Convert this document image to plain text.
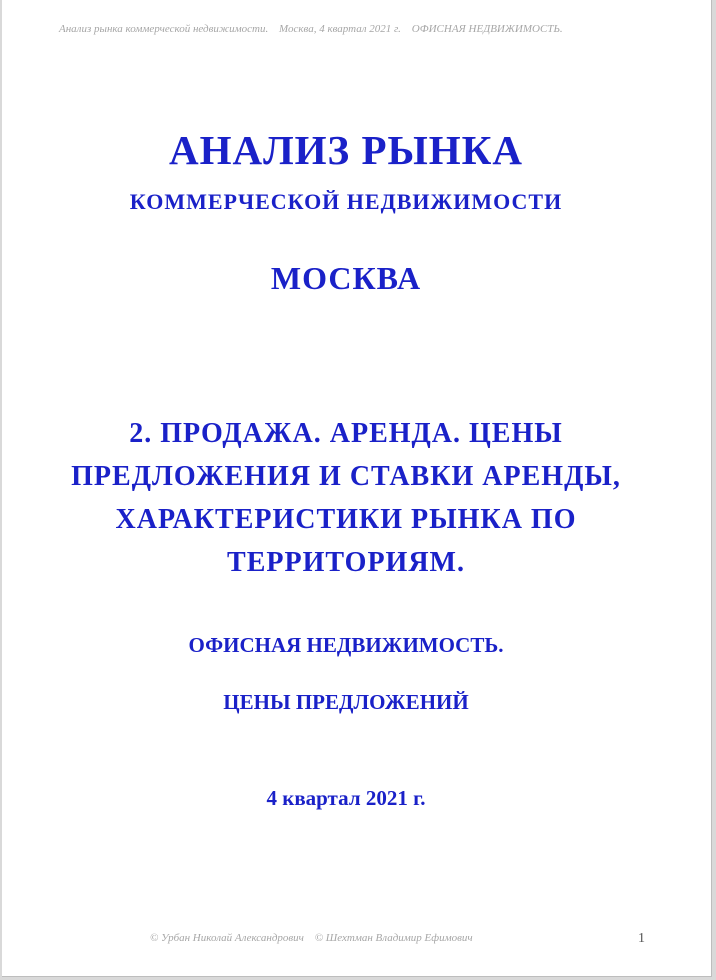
Анализ рынка коммерческой недвижимости. Москва, 4 квартал 2021 г. ОФИСНАЯ НЕДВИЖИМОСТЬ.
АНАЛИЗ РЫНКА
КОММЕРЧЕСКОЙ НЕДВИЖИМОСТИ
МОСКВА
2. ПРОДАЖА. АРЕНДА. ЦЕНЫ
ПРЕДЛОЖЕНИЯ И СТАВКИ АРЕНДЫ,
ХАРАКТЕРИСТИКИ РЫНКА ПО
ТЕРРИТОРИЯМ.
ОФИСНАЯ НЕДВИЖИМОСТЬ.
ЦЕНЫ ПРЕДЛОЖЕНИЙ
4 квартал 2021 г.
© Урбан Николай Александрович © Шехтман Владимир Ефимович	1
